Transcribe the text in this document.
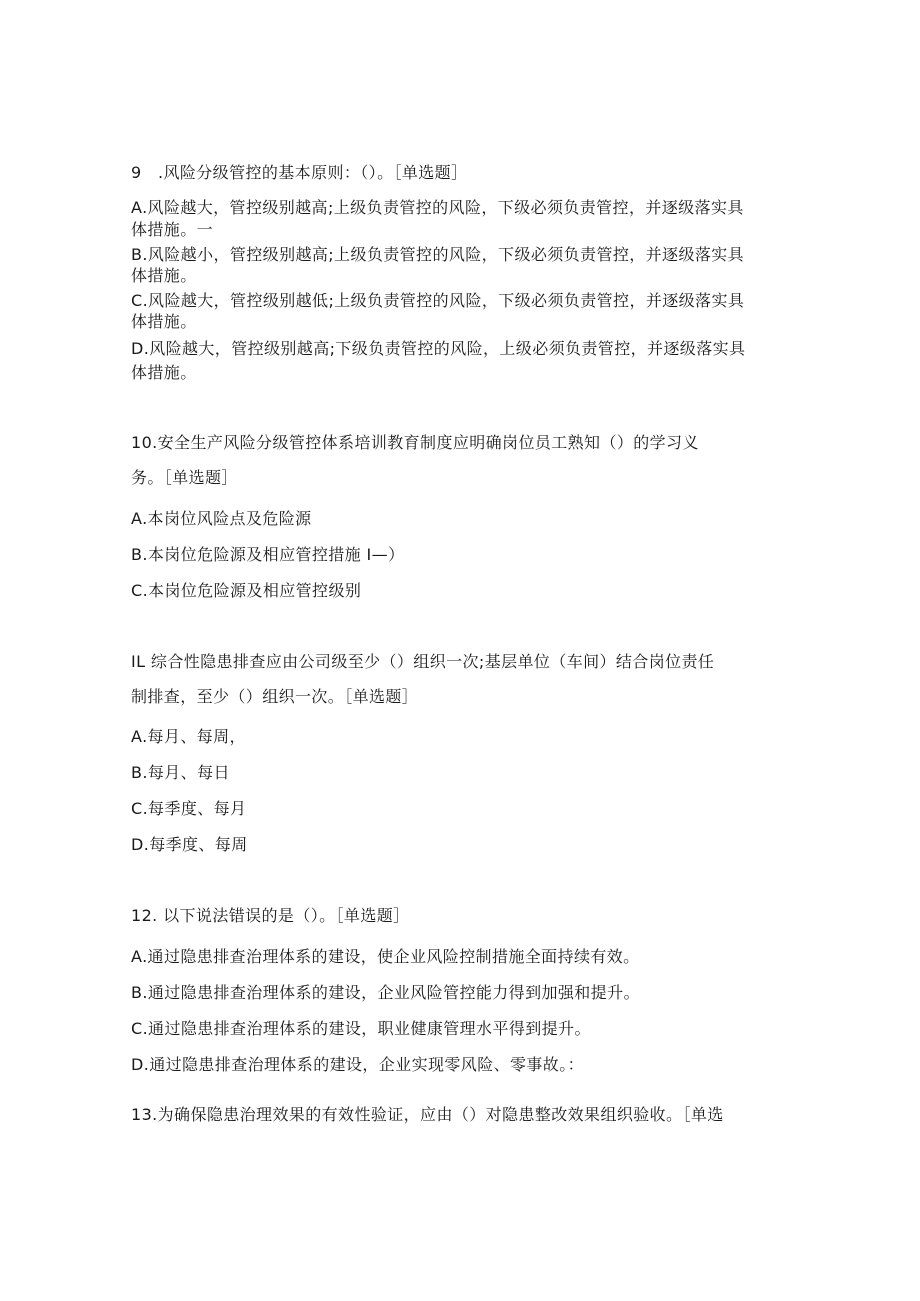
9　.风险分级管控的基本原则：（）。［单选题］
A.风险越大，管控级别越高;上级负责管控的风险，下级必须负责管控，并逐级落实具
体措施。一
B.风险越小，管控级别越高;上级负责管控的风险，下级必须负责管控，并逐级落实具
体措施。
C.风险越大，管控级别越低;上级负责管控的风险，下级必须负责管控，并逐级落实具
体措施。
D.风险越大，管控级别越高;下级负责管控的风险，上级必须负责管控，并逐级落实具
体措施。
10.安全生产风险分级管控体系培训教育制度应明确岗位员工熟知（）的学习义
务。［单选题］
A.本岗位风险点及危险源
B.本岗位危险源及相应管控措施 I—）
C.本岗位危险源及相应管控级别
IL 综合性隐患排查应由公司级至少（）组织一次;基层单位（车间）结合岗位责任
制排查，至少（）组织一次。［单选题］
A.每月、每周，
B.每月、每日
C.每季度、每月
D.每季度、每周
12. 以下说法错误的是（）。［单选题］
A.通过隐患排查治理体系的建设，使企业风险控制措施全面持续有效。
B.通过隐患排查治理体系的建设，企业风险管控能力得到加强和提升。
C.通过隐患排查治理体系的建设，职业健康管理水平得到提升。
D.通过隐患排查治理体系的建设，企业实现零风险、零事故。：
13.为确保隐患治理效果的有效性验证，应由（）对隐患整改效果组织验收。［单选
